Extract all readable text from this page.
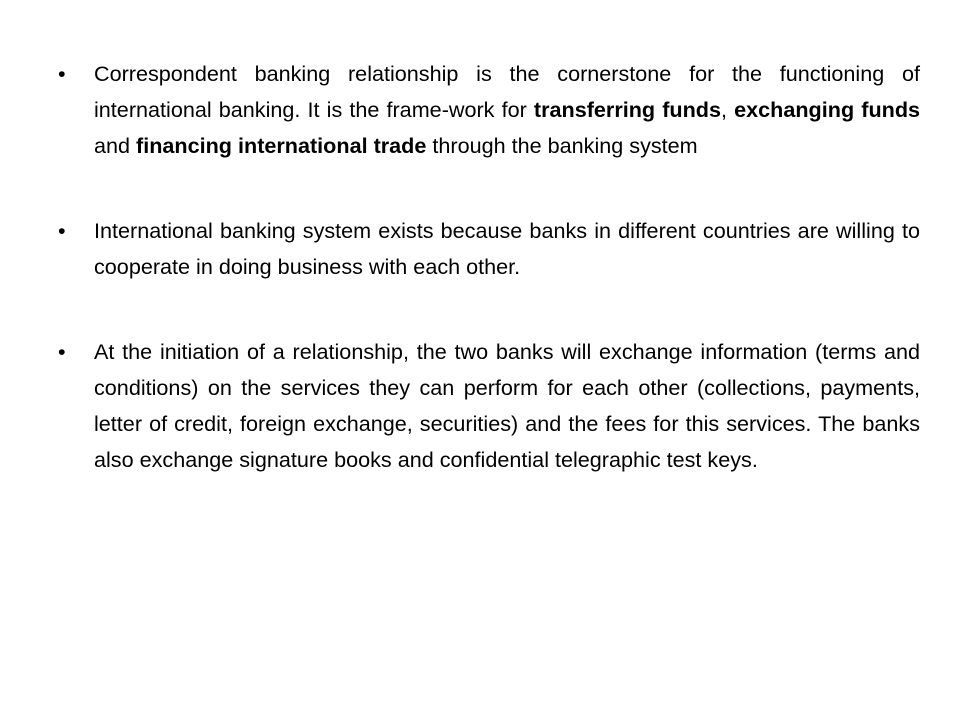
•	Correspondent banking relationship is the cornerstone for the functioning of international banking. It is the frame-work for transferring funds, exchanging funds and financing international trade through the banking system
•	International banking system exists because banks in different countries are willing to cooperate in doing business with each other.
•	At the initiation of a relationship, the two banks will exchange information (terms and conditions) on the services they can perform for each other (collections, payments, letter of credit, foreign exchange, securities) and the fees for this services. The banks also exchange signature books and confidential telegraphic test keys.
